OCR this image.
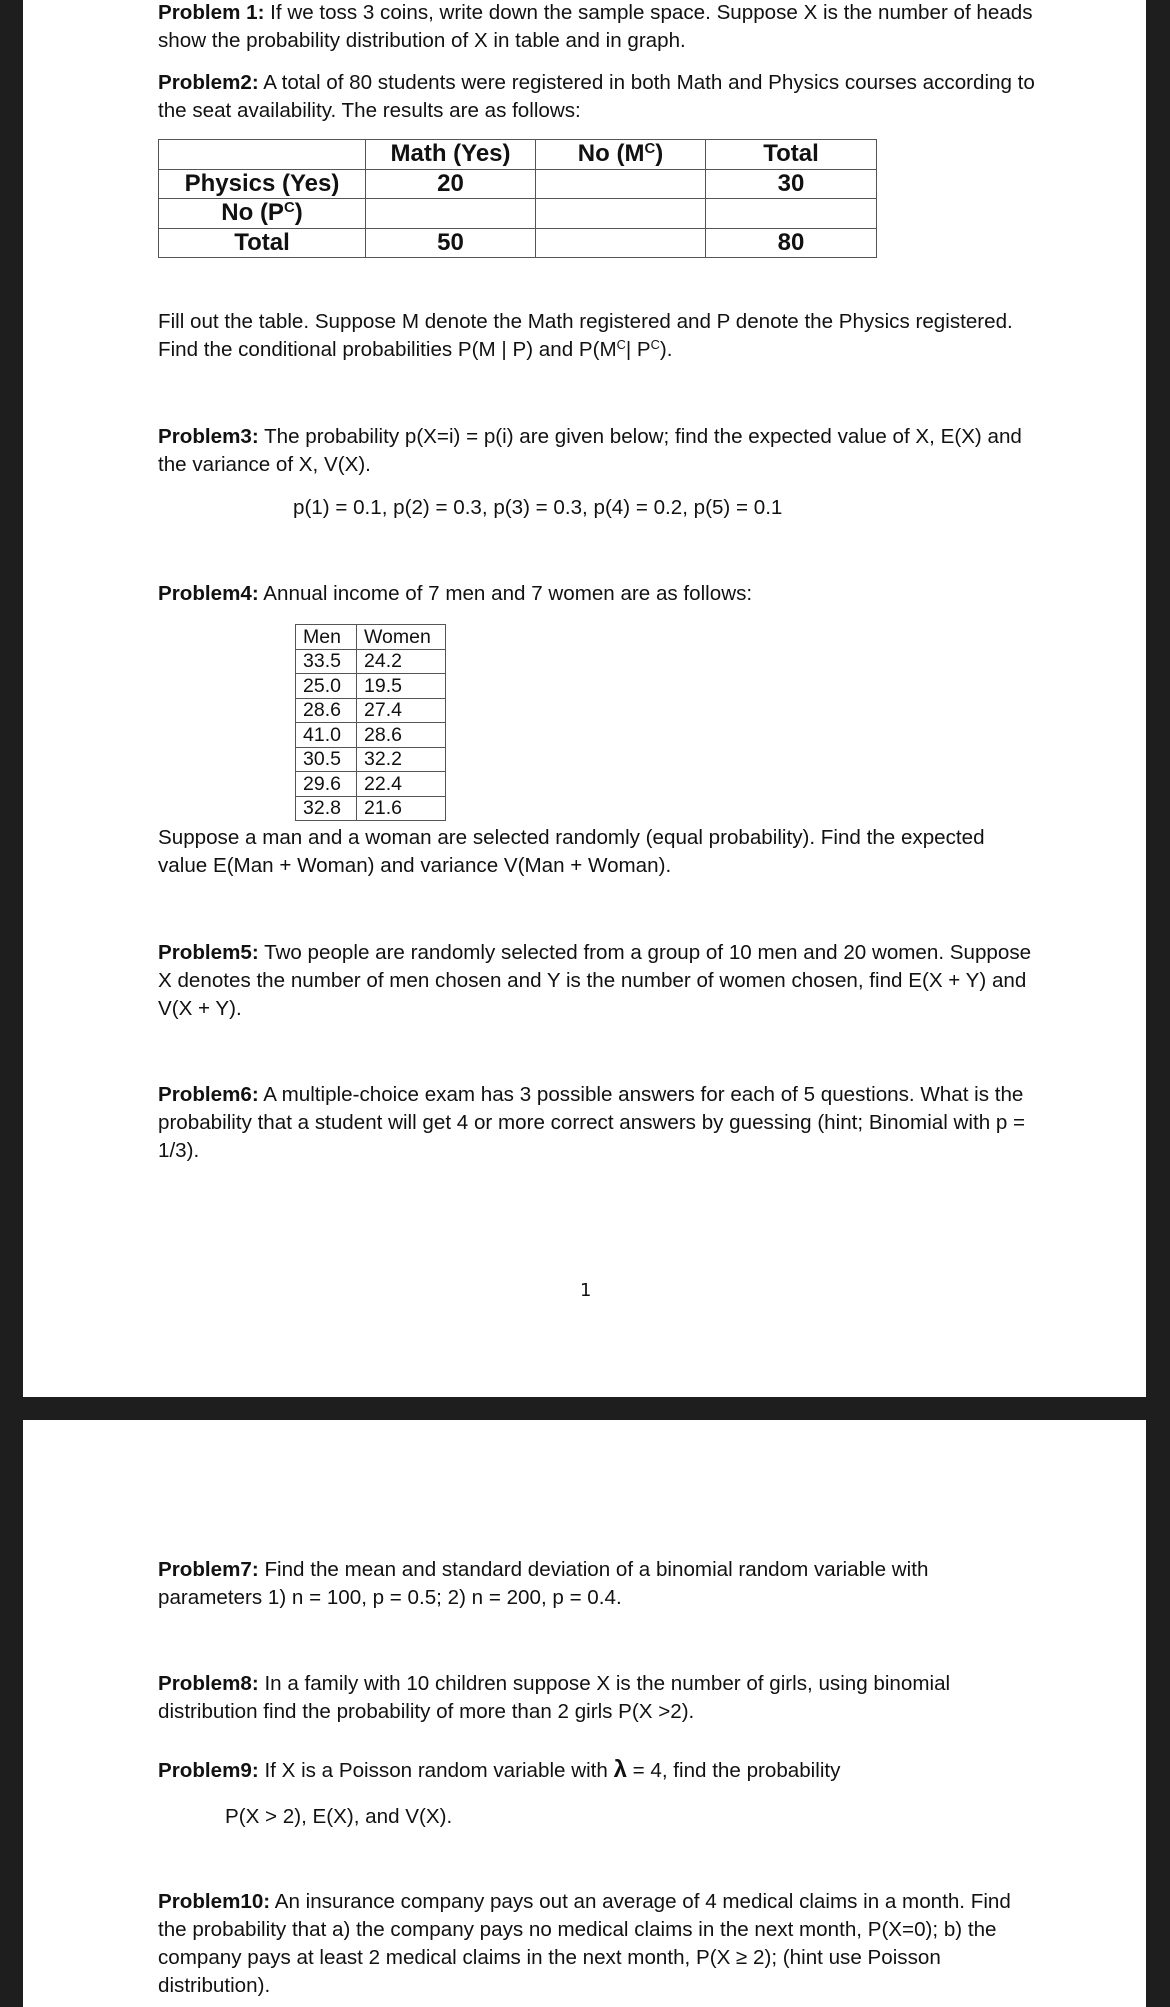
Problem 1: If we toss 3 coins, write down the sample space. Suppose X is the number of heads show the probability distribution of X in table and in graph.

Problem2: A total of 80 students were registered in both Math and Physics courses according to the seat availability. The results are as follows:

	Math (Yes)	No $(M^C)$	Total
Physics (Yes)	20		30
No $(P^C)$			
Total	50		80

Fill out the table. Suppose M denote the Math registered and P denote the Physics registered. Find the conditional probabilities P(M | P) and $P(M^C|$ $P^C$).

Problem3: The probability p(X=i) = p(i) are given below; find the expected value of X, E(X) and the variance of X, V(X).

p(1) = 0.1, p(2) = 0.3, p(3) = 0.3, p(4) = 0.2, p(5) = 0.1

Problem4: Annual income of 7 men and 7 women are as follows:

Men	Women
33.5	24.2
25.0	19.5
28.6	27.4
41.0	28.6
30.5	32.2
29.6	22.4
32.8	21.6

Suppose a man and a woman are selected randomly (equal probability). Find the expected value E(Man + Woman) and variance V(Man + Woman).

Problem5: Two people are randomly selected from a group of 10 men and 20 women. Suppose X denotes the number of men chosen and Y is the number of women chosen, find E(X + Y) and V(X + Y).

Problem6: A multiple-choice exam has 3 possible answers for each of 5 questions. What is the probability that a student will get 4 or more correct answers by guessing (hint; Binomial with p = 1/3).

1

Problem7: Find the mean and standard deviation of a binomial random variable with parameters 1) n = 100, p = 0.5; 2) n = 200, p = 0.4.

Problem8: In a family with 10 children suppose X is the number of girls, using binomial distribution find the probability of more than 2 girls P(X >2).

Problem9: If X is a Poisson random variable with λ = 4, find the probability

P(X > 2), E(X), and V(X).

Problem10: An insurance company pays out an average of 4 medical claims in a month. Find the probability that a) the company pays no medical claims in the next month, P(X=0); b) the company pays at least 2 medical claims in the next month, P(X ≥ 2); (hint use Poisson distribution).
